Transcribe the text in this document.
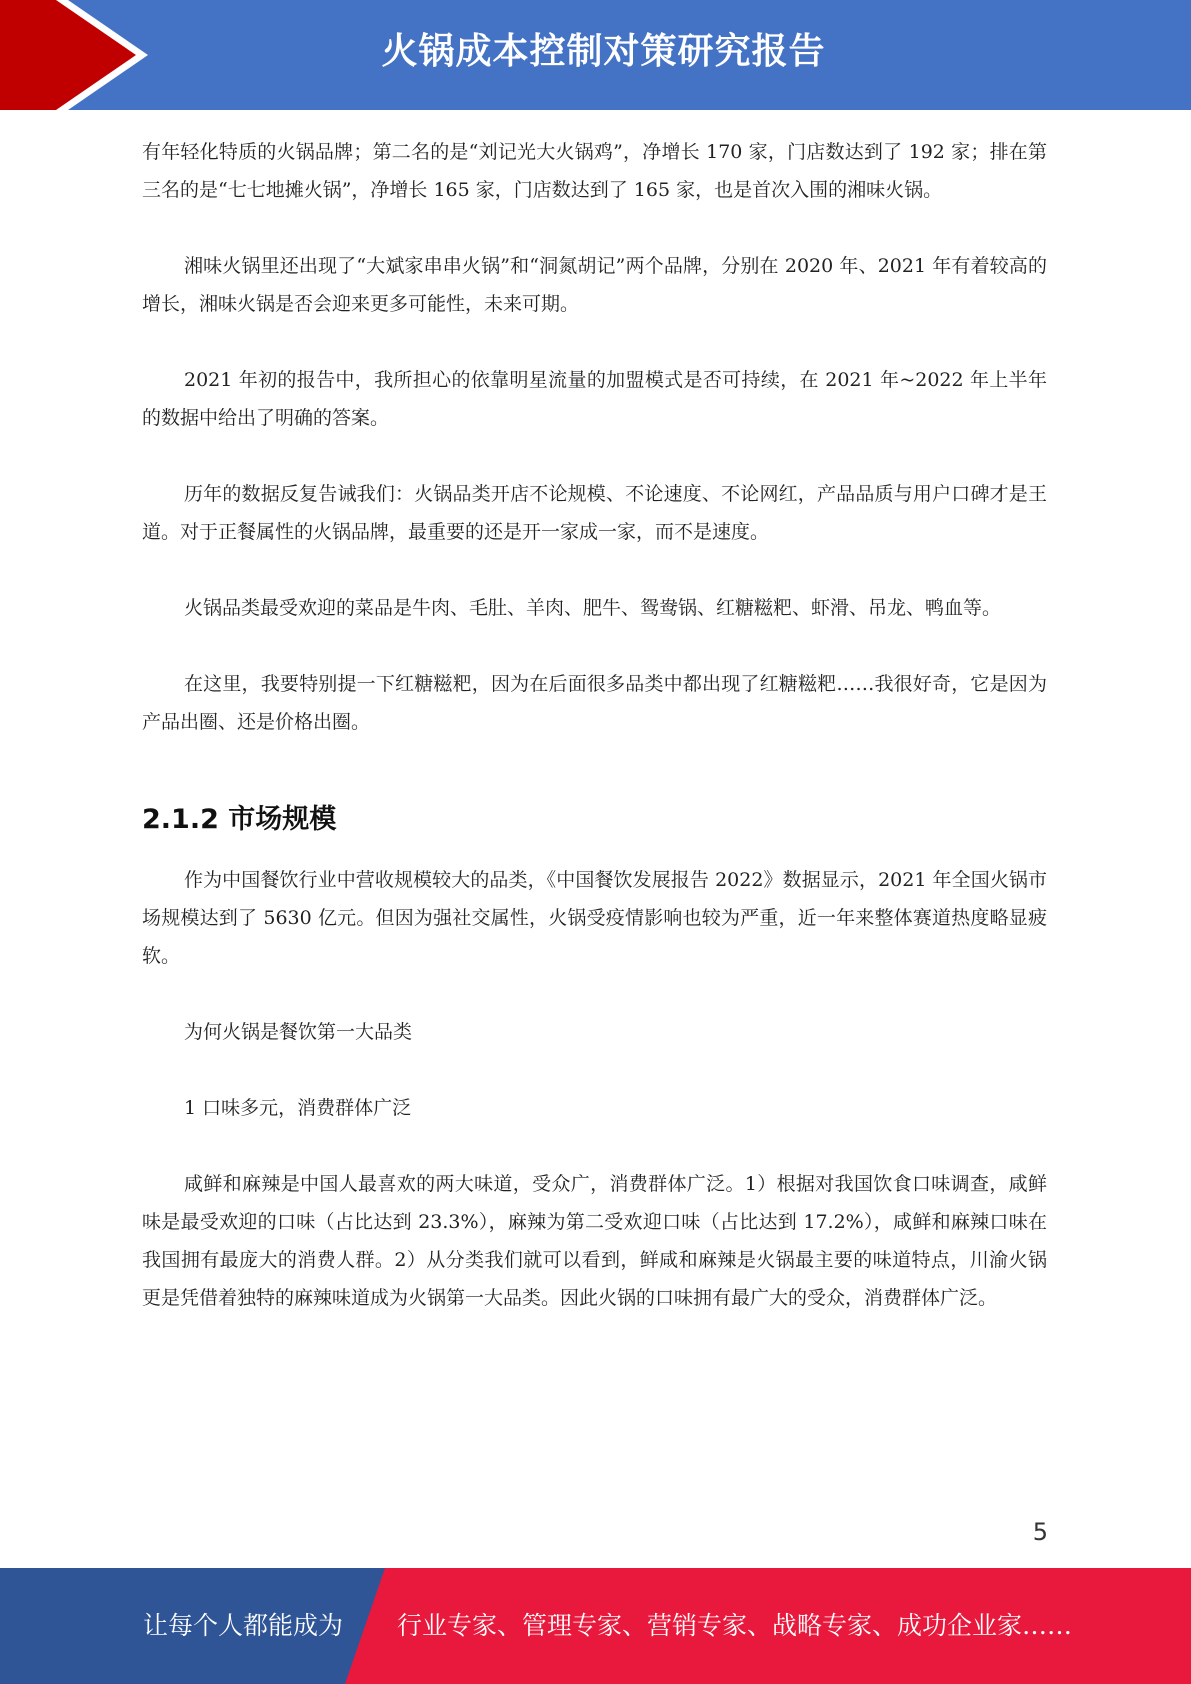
火锅成本控制对策研究报告

有年轻化特质的火锅品牌；第二名的是“刘记光大火锅鸡”，净增长 170 家，门店数达到了 192 家；排在第三名的是“七七地摊火锅”，净增长 165 家，门店数达到了 165 家，也是首次入围的湘味火锅。

湘味火锅里还出现了“大斌家串串火锅”和“洞氮胡记”两个品牌，分别在 2020 年、2021 年有着较高的增长，湘味火锅是否会迎来更多可能性，未来可期。

2021 年初的报告中，我所担心的依靠明星流量的加盟模式是否可持续，在 2021 年~2022 年上半年的数据中给出了明确的答案。

历年的数据反复告诫我们：火锅品类开店不论规模、不论速度、不论网红，产品品质与用户口碑才是王道。对于正餐属性的火锅品牌，最重要的还是开一家成一家，而不是速度。

火锅品类最受欢迎的菜品是牛肉、毛肚、羊肉、肥牛、鸳鸯锅、红糖糍粑、虾滑、吊龙、鸭血等。

在这里，我要特别提一下红糖糍粑，因为在后面很多品类中都出现了红糖糍粑……我很好奇，它是因为产品出圈、还是价格出圈。

2.1.2 市场规模

作为中国餐饮行业中营收规模较大的品类，《中国餐饮发展报告 2022》数据显示，2021 年全国火锅市场规模达到了 5630 亿元。但因为强社交属性，火锅受疫情影响也较为严重，近一年来整体赛道热度略显疲软。

为何火锅是餐饮第一大品类

1 口味多元，消费群体广泛

咸鲜和麻辣是中国人最喜欢的两大味道，受众广，消费群体广泛。1）根据对我国饮食口味调查，咸鲜味是最受欢迎的口味（占比达到 23.3%），麻辣为第二受欢迎口味（占比达到 17.2%），咸鲜和麻辣口味在我国拥有最庞大的消费人群。2）从分类我们就可以看到，鲜咸和麻辣是火锅最主要的味道特点，川渝火锅更是凭借着独特的麻辣味道成为火锅第一大品类。因此火锅的口味拥有最广大的受众，消费群体广泛。

5
让每个人都能成为 行业专家、管理专家、营销专家、战略专家、成功企业家……
